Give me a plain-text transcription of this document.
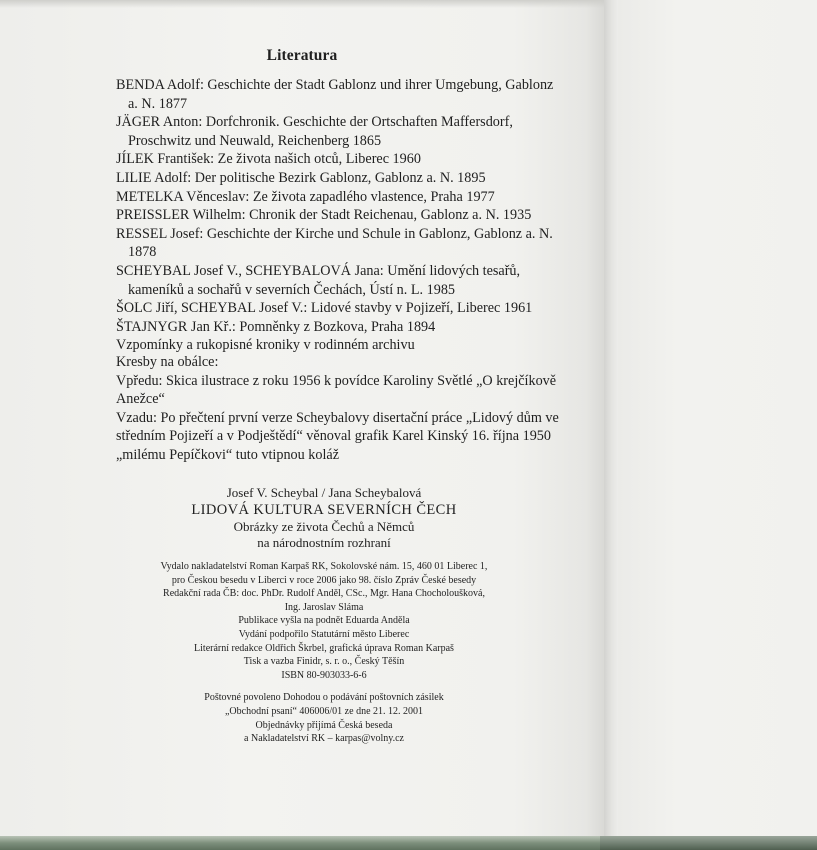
Literatura
BENDA Adolf: Geschichte der Stadt Gablonz und ihrer Umgebung, Gablonz a. N. 1877
JÄGER Anton: Dorfchronik. Geschichte der Ortschaften Maffersdorf, Proschwitz und Neuwald, Reichenberg 1865
JÍLEK František: Ze života našich otců, Liberec 1960
LILIE Adolf: Der politische Bezirk Gablonz, Gablonz a. N. 1895
METELKA Věnceslav: Ze života zapadlého vlastence, Praha 1977
PREISSLER Wilhelm: Chronik der Stadt Reichenau, Gablonz a. N. 1935
RESSEL Josef: Geschichte der Kirche und Schule in Gablonz, Gablonz a. N. 1878
SCHEYBAL Josef V., SCHEYBALOVÁ Jana: Umění lidových tesařů, kameníků a sochařů v severních Čechách, Ústí n. L. 1985
ŠOLC Jiří, SCHEYBAL Josef V.: Lidové stavby v Pojizeří, Liberec 1961
ŠTAJNYGR Jan Kř.: Pomněnky z Bozkova, Praha 1894
Vzpomínky a rukopisné kroniky v rodinném archivu

Kresby na obálce:

Vpředu: Skica ilustrace z roku 1956 k povídce Karoliny Světlé „O krejčíkově Anežce“

Vzadu: Po přečtení první verze Scheybalovy disertační práce „Lidový dům ve středním Pojizeří a v Podještědí“ věnoval grafik Karel Kinský 16. října 1950 „milému Pepíčkovi“ tuto vtipnou koláž

Josef V. Scheybal / Jana Scheybalová
LIDOVÁ KULTURA SEVERNÍCH ČECH
Obrázky ze života Čechů a Němců
na národnostním rozhraní
Vydalo nakladatelství Roman Karpaš RK, Sokolovské nám. 15, 460 01 Liberec 1,
pro Českou besedu v Liberci v roce 2006 jako 98. číslo Zpráv České besedy
Redakční rada ČB: doc. PhDr. Rudolf Anděl, CSc., Mgr. Hana Chocholoušková,
Ing. Jaroslav Sláma
Publikace vyšla na podnět Eduarda Anděla
Vydání podpořilo Statutární město Liberec
Literární redakce Oldřich Škrbel, grafická úprava Roman Karpaš
Tisk a vazba Finidr, s. r. o., Český Těšín
ISBN 80-903033-6-6
Poštovné povoleno Dohodou o podávání poštovních zásilek
„Obchodní psaní“ 406006/01 ze dne 21. 12. 2001
Objednávky přijímá Česká beseda
a Nakladatelství RK – karpas@volny.cz
